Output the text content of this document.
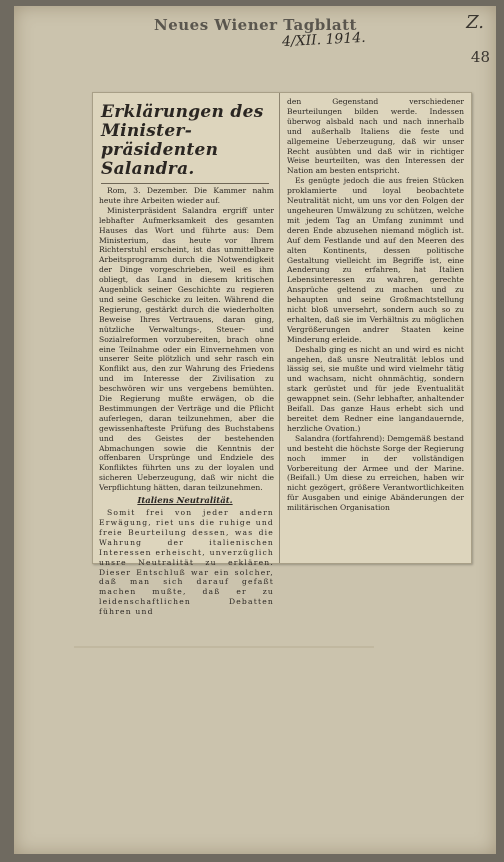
Neues Wiener Tagblatt	Z.
4/XII. 1914.
48
Erklärungen des Minister-präsidenten Salandra.

Rom, 3. Dezember. Die Kammer nahm heute ihre Arbeiten wieder auf.

Ministerpräsident Salandra ergriff unter lebhafter Aufmerksamkeit des gesamten Hauses das Wort und führte aus: Dem Ministerium, das heute vor Ihrem Richterstuhl erscheint, ist das unmittelbare Arbeitsprogramm durch die Notwendigkeit der Dinge vorgeschrieben, weil es ihm obliegt, das Land in diesem kritischen Augenblick seiner Geschichte zu regieren und seine Geschicke zu leiten. Während die Regierung, gestärkt durch die wiederholten Beweise Ihres Vertrauens, daran ging, nützliche Verwaltungs-, Steuer- und Sozialreformen vorzubereiten, brach ohne eine Teilnahme oder ein Einvernehmen von unserer Seite plötzlich und sehr rasch ein Konflikt aus, den zur Wahrung des Friedens und im Interesse der Zivilisation zu beschwören wir uns vergebens bemühten. Die Regierung mußte erwägen, ob die Bestimmungen der Verträge und die Pflicht auferlegen, daran teilzunehmen, aber die gewissenhafteste Prüfung des Buchstabens und des Geistes der bestehenden Abmachungen sowie die Kenntnis der offenbaren Ursprünge und Endziele des Konfliktes führten uns zu der loyalen und sicheren Ueberzeugung, daß wir nicht die Verpflichtung hätten, daran teilzunehmen.

Italiens Neutralität.

Somit frei von jeder andern Erwägung, riet uns die ruhige und freie Beurteilung dessen, was die Wahrung der italienischen Interessen erheischt, unverzüglich unsre Neutralität zu erklären. Dieser Entschluß war ein solcher, daß man sich darauf gefaßt machen mußte, daß er zu leidenschaftlichen Debatten führen und

den Gegenstand verschiedener Beurteilungen bilden werde. Indessen überwog alsbald nach und nach innerhalb und außerhalb Italiens die feste und allgemeine Ueberzeugung, daß wir unser Recht ausübten und daß wir in richtiger Weise beurteilten, was den Interessen der Nation am besten entspricht.

Es genügte jedoch die aus freien Stücken proklamierte und loyal beobachtete Neutralität nicht, um uns vor den Folgen der ungeheuren Umwälzung zu schützen, welche mit jedem Tag an Umfang zunimmt und deren Ende abzusehen niemand möglich ist. Auf dem Festlande und auf den Meeren des alten Kontinents, dessen politische Gestaltung vielleicht im Begriffe ist, eine Aenderung zu erfahren, hat Italien Lebensinteressen zu wahren, gerechte Ansprüche geltend zu machen und zu behaupten und seine Großmachtstellung nicht bloß unversehrt, sondern auch so zu erhalten, daß sie im Verhältnis zu möglichen Vergrößerungen andrer Staaten keine Minderung erleide.

Deshalb ging es nicht an und wird es nicht angehen, daß unsre Neutralität leblos und lässig sei, sie mußte und wird vielmehr tätig und wachsam, nicht ohnmächtig, sondern stark gerüstet und für jede Eventualität gewappnet sein. (Sehr lebhafter, anhaltender Beifall. Das ganze Haus erhebt sich und bereitet dem Redner eine langandauernde, herzliche Ovation.)

Salandra (fortfahrend): Demgemäß bestand und besteht die höchste Sorge der Regierung noch immer in der vollständigen Vorbereitung der Armee und der Marine. (Beifall.) Um diese zu erreichen, haben wir nicht gezögert, größere Verantwortlichkeiten für Ausgaben und einige Abänderungen der militärischen Organisation
